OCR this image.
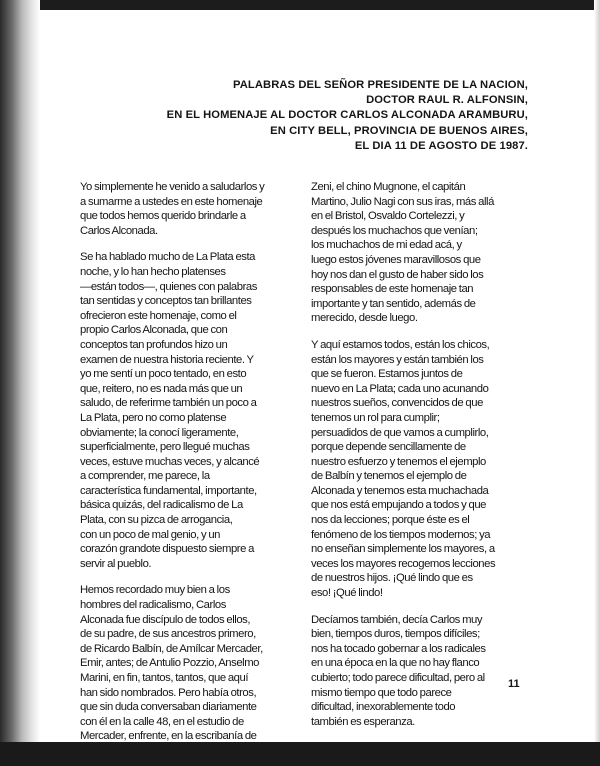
PALABRAS DEL SEÑOR PRESIDENTE DE LA NACION,
DOCTOR RAUL R. ALFONSIN,
EN EL HOMENAJE AL DOCTOR CARLOS ALCONADA ARAMBURU,
EN CITY BELL, PROVINCIA DE BUENOS AIRES,
EL DIA 11 DE AGOSTO DE 1987.

Yo simplemente he venido a saludarlos y
a sumarme a ustedes en este homenaje
que todos hemos querido brindarle a
Carlos Alconada.

Se ha hablado mucho de La Plata esta
noche, y lo han hecho platenses
—están todos—, quienes con palabras
tan sentidas y conceptos tan brillantes
ofrecieron este homenaje, como el
propio Carlos Alconada, que con
conceptos tan profundos hizo un
examen de nuestra historia reciente. Y
yo me sentí un poco tentado, en esto
que, reitero, no es nada más que un
saludo, de referirme también un poco a
La Plata, pero no como platense
obviamente; la conocí ligeramente,
superficialmente, pero llegué muchas
veces, estuve muchas veces, y alcancé
a comprender, me parece, la
característica fundamental, importante,
básica quizás, del radicalismo de La
Plata, con su pizca de arrogancia,
con un poco de mal genio, y un
corazón grandote dispuesto siempre a
servir al pueblo.

Hemos recordado muy bien a los
hombres del radicalismo, Carlos
Alconada fue discípulo de todos ellos,
de su padre, de sus ancestros primero,
de Ricardo Balbín, de Amílcar Mercader,
Emir, antes; de Antulio Pozzio, Anselmo
Marini, en fin, tantos, tantos, que aquí
han sido nombrados. Pero había otros,
que sin duda conversaban diariamente
con él en la calle 48, en el estudio de
Mercader, enfrente, en la escribanía de

Zeni, el chino Mugnone, el capitán
Martino, Julio Nagi con sus iras, más allá
en el Bristol, Osvaldo Cortelezzi, y
después los muchachos que venían;
los muchachos de mi edad acá, y
luego estos jóvenes maravillosos que
hoy nos dan el gusto de haber sido los
responsables de este homenaje tan
importante y tan sentido, además de
merecido, desde luego.

Y aquí estamos todos, están los chicos,
están los mayores y están también los
que se fueron. Estamos juntos de
nuevo en La Plata; cada uno acunando
nuestros sueños, convencidos de que
tenemos un rol para cumplir;
persuadidos de que vamos a cumplirlo,
porque depende sencillamente de
nuestro esfuerzo y tenemos el ejemplo
de Balbín y tenemos el ejemplo de
Alconada y tenemos esta muchachada
que nos está empujando a todos y que
nos da lecciones; porque éste es el
fenómeno de los tiempos modernos; ya
no enseñan simplemente los mayores, a
veces los mayores recogemos lecciones
de nuestros hijos. ¡Qué lindo que es
eso! ¡Qué lindo!

Decíamos también, decía Carlos muy
bien, tiempos duros, tiempos difíciles;
nos ha tocado gobernar a los radicales
en una época en la que no hay flanco
cubierto; todo parece dificultad, pero al
mismo tiempo que todo parece
dificultad, inexorablemente todo
también es esperanza.

11
